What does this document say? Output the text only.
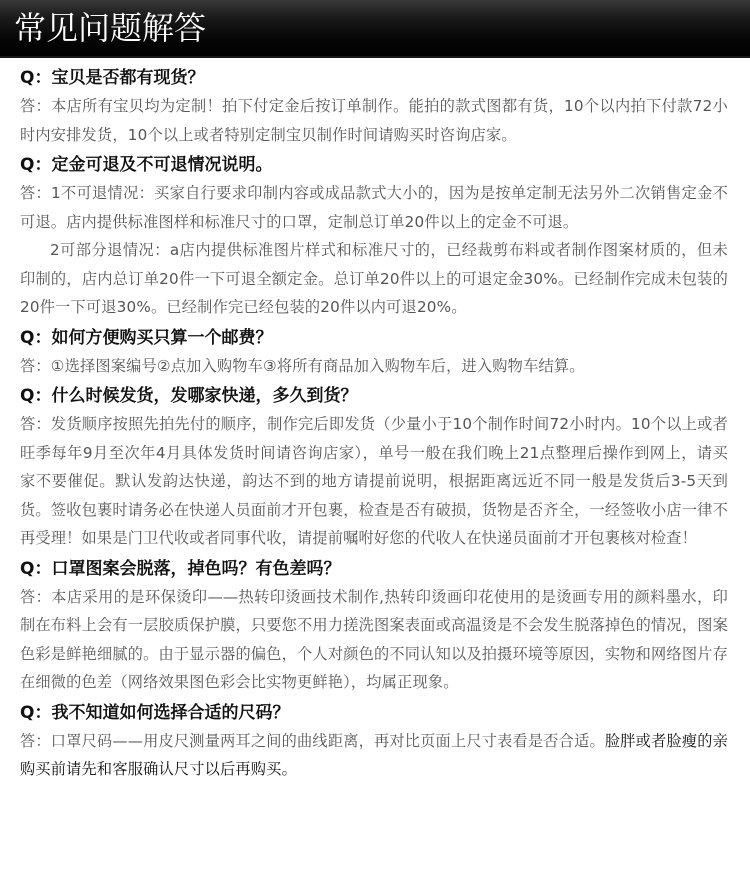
常见问题解答

Q：宝贝是否都有现货？

答：本店所有宝贝均为定制！拍下付定金后按订单制作。能拍的款式图都有货，10个以内拍下付款72小时内安排发货，10个以上或者特别定制宝贝制作时间请购买时咨询店家。

Q：定金可退及不可退情况说明。

答：1不可退情况：买家自行要求印制内容或成品款式大小的，因为是按单定制无法另外二次销售定金不可退。店内提供标准图样和标准尺寸的口罩，定制总订单20件以上的定金不可退。

2可部分退情况：a店内提供标准图片样式和标准尺寸的，已经裁剪布料或者制作图案材质的，但未印制的，店内总订单20件一下可退全额定金。总订单20件以上的可退定金30%。已经制作完成未包装的20件一下可退30%。已经制作完已经包装的20件以内可退20%。

Q：如何方便购买只算一个邮费？

答：①选择图案编号②点加入购物车③将所有商品加入购物车后，进入购物车结算。

Q：什么时候发货，发哪家快递，多久到货？

答：发货顺序按照先拍先付的顺序，制作完后即发货（少量小于10个制作时间72小时内。10个以上或者旺季每年9月至次年4月具体发货时间请咨询店家），单号一般在我们晚上21点整理后操作到网上，请买家不要催促。默认发韵达快递，韵达不到的地方请提前说明，根据距离远近不同一般是发货后3-5天到货。签收包裹时请务必在快递人员面前才开包裹，检查是否有破损，货物是否齐全，一经签收小店一律不再受理！如果是门卫代收或者同事代收，请提前嘱咐好您的代收人在快递员面前才开包裹核对检查！

Q：口罩图案会脱落，掉色吗？有色差吗？

答：本店采用的是环保烫印——热转印烫画技术制作,热转印烫画印花使用的是烫画专用的颜料墨水，印制在布料上会有一层胶质保护膜，只要您不用力搓洗图案表面或高温烫是不会发生脱落掉色的情况，图案色彩是鲜艳细腻的。由于显示器的偏色，个人对颜色的不同认知以及拍摄环境等原因，实物和网络图片存在细微的色差（网络效果图色彩会比实物更鲜艳），均属正现象。

Q：我不知道如何选择合适的尺码？

答：口罩尺码——用皮尺测量两耳之间的曲线距离，再对比页面上尺寸表看是否合适。脸胖或者脸瘦的亲购买前请先和客服确认尺寸以后再购买。
